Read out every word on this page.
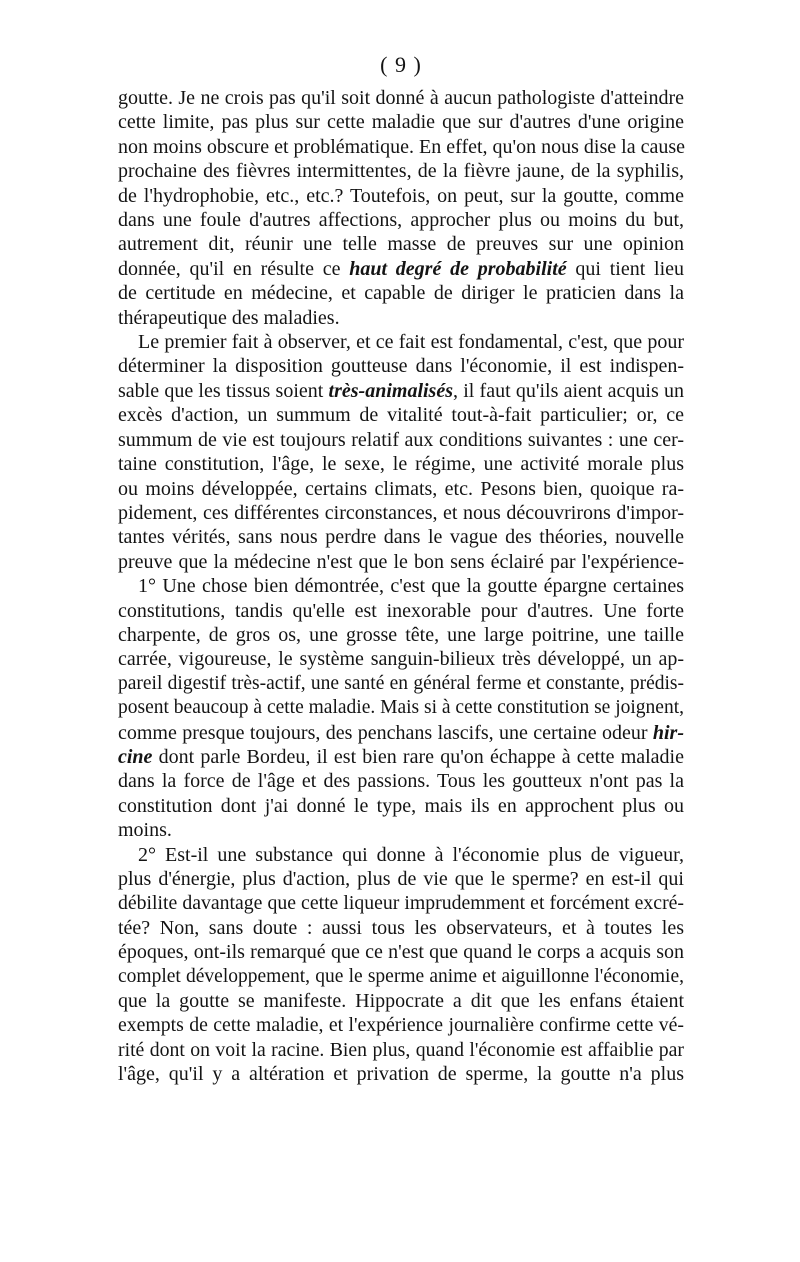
( 9 )
goutte. Je ne crois pas qu'il soit donné à aucun pathologiste d'atteindre
cette limite, pas plus sur cette maladie que sur d'autres d'une origine
non moins obscure et problématique. En effet, qu'on nous dise la cause
prochaine des fièvres intermittentes, de la fièvre jaune, de la syphilis,
de l'hydrophobie, etc., etc.? Toutefois, on peut, sur la goutte, comme
dans une foule d'autres affections, approcher plus ou moins du but,
autrement dit, réunir une telle masse de preuves sur une opinion
donnée, qu'il en résulte ce haut degré de probabilité qui tient lieu
de certitude en médecine, et capable de diriger le praticien dans la
thérapeutique des maladies.
Le premier fait à observer, et ce fait est fondamental, c'est, que pour
déterminer la disposition goutteuse dans l'économie, il est indispen-
sable que les tissus soient très-animalisés, il faut qu'ils aient acquis un
excès d'action, un summum de vitalité tout-à-fait particulier; or, ce
summum de vie est toujours relatif aux conditions suivantes : une cer-
taine constitution, l'âge, le sexe, le régime, une activité morale plus
ou moins développée, certains climats, etc. Pesons bien, quoique ra-
pidement, ces différentes circonstances, et nous découvrirons d'impor-
tantes vérités, sans nous perdre dans le vague des théories, nouvelle
preuve que la médecine n'est que le bon sens éclairé par l'expérience-
1° Une chose bien démontrée, c'est que la goutte épargne certaines
constitutions, tandis qu'elle est inexorable pour d'autres. Une forte
charpente, de gros os, une grosse tête, une large poitrine, une taille
carrée, vigoureuse, le système sanguin-bilieux très développé, un ap-
pareil digestif très-actif, une santé en général ferme et constante, prédis-
posent beaucoup à cette maladie. Mais si à cette constitution se joignent,
comme presque toujours, des penchans lascifs, une certaine odeur hir-
cine dont parle Bordeu, il est bien rare qu'on échappe à cette maladie
dans la force de l'âge et des passions. Tous les goutteux n'ont pas la
constitution dont j'ai donné le type, mais ils en approchent plus ou
moins.
2° Est-il une substance qui donne à l'économie plus de vigueur,
plus d'énergie, plus d'action, plus de vie que le sperme? en est-il qui
débilite davantage que cette liqueur imprudemment et forcément excré-
tée? Non, sans doute : aussi tous les observateurs, et à toutes les
époques, ont-ils remarqué que ce n'est que quand le corps a acquis son
complet développement, que le sperme anime et aiguillonne l'économie,
que la goutte se manifeste. Hippocrate a dit que les enfans étaient
exempts de cette maladie, et l'expérience journalière confirme cette vé-
rité dont on voit la racine. Bien plus, quand l'économie est affaiblie par
l'âge, qu'il y a altération et privation de sperme, la goutte n'a plus
